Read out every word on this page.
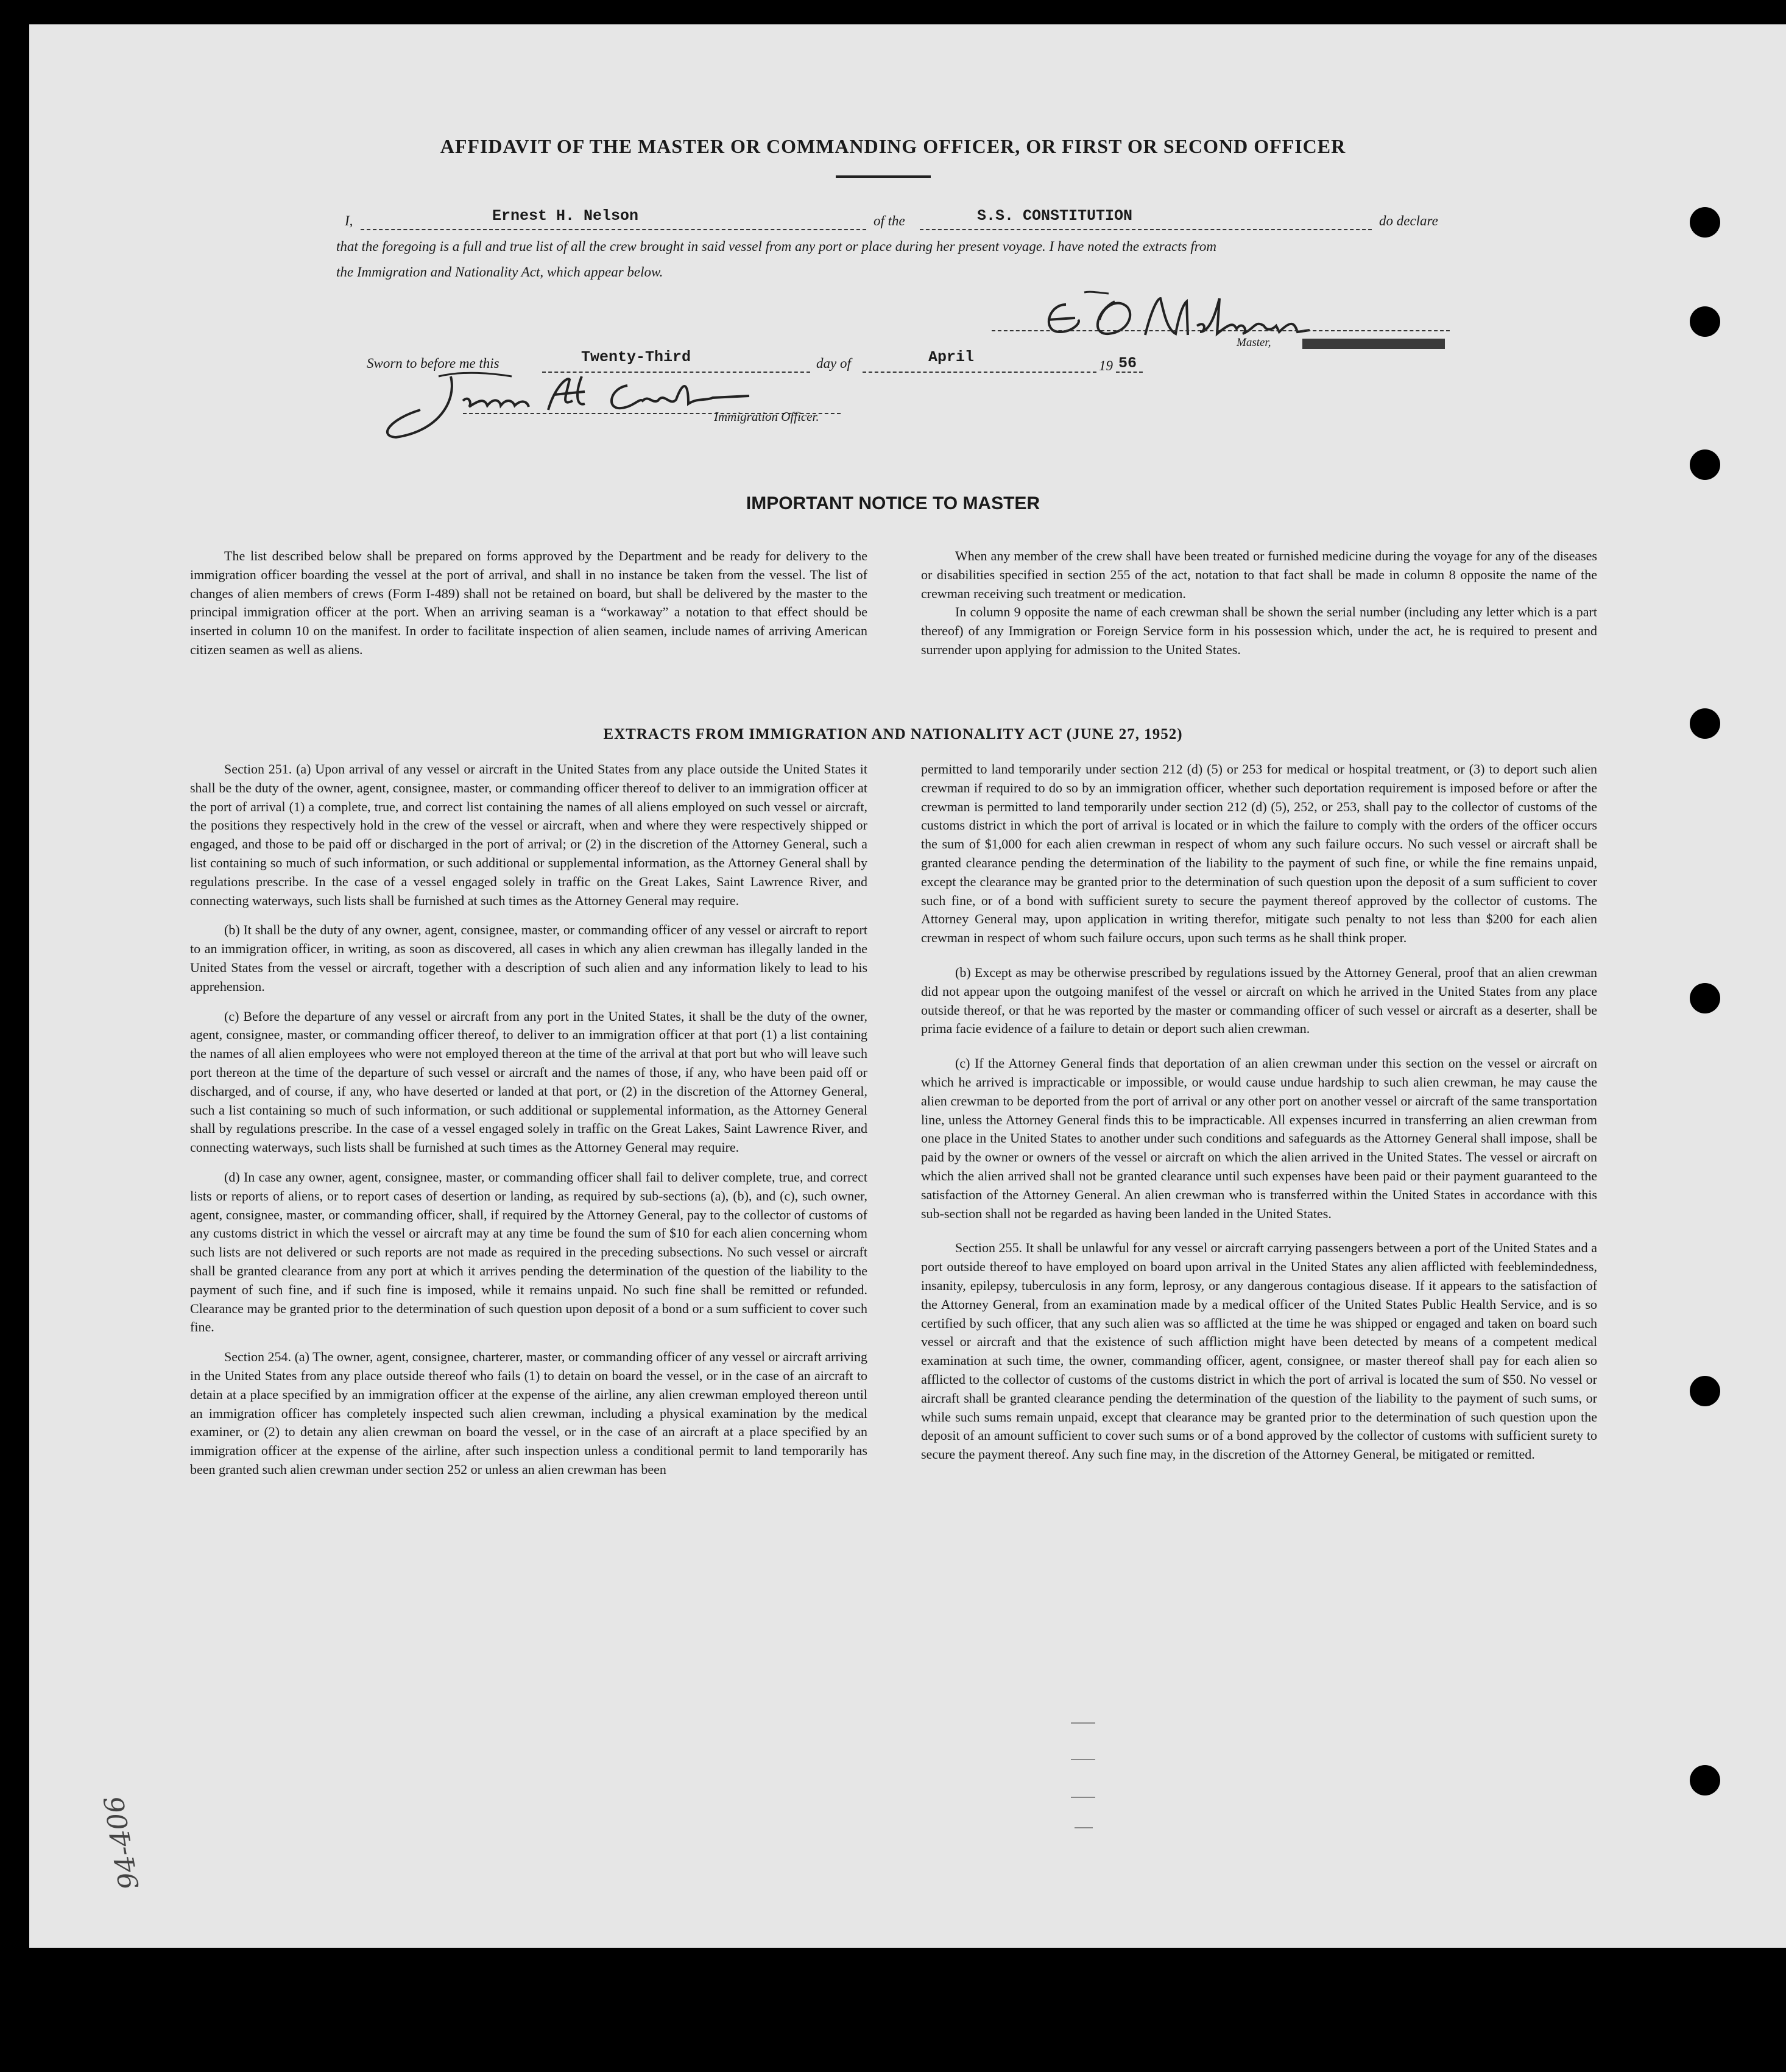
AFFIDAVIT OF THE MASTER OR COMMANDING OFFICER, OR FIRST OR SECOND OFFICER
I,	Ernest H. Nelson	of the	S.S. CONSTITUTION	do declare
that the foregoing is a full and true list of all the crew brought in said vessel from any port or place during her present voyage. I have noted the extracts from
the Immigration and Nationality Act, which appear below.
Master,
Sworn to before me this	Twenty-Third	day of	April	19 56
Immigration Officer.
IMPORTANT NOTICE TO MASTER

The list described below shall be prepared on forms approved by the Department and be ready for delivery to the immigration officer boarding the vessel at the port of arrival, and shall in no instance be taken from the vessel. The list of changes of alien members of crews (Form I-489) shall not be retained on board, but shall be delivered by the master to the principal immigration officer at the port. When an arriving seaman is a “workaway” a notation to that effect should be inserted in column 10 on the manifest. In order to facilitate inspection of alien seamen, include names of arriving American citizen seamen as well as aliens.

When any member of the crew shall have been treated or furnished medicine during the voyage for any of the diseases or disabilities specified in section 255 of the act, notation to that fact shall be made in column 8 opposite the name of the crewman receiving such treatment or medication.

In column 9 opposite the name of each crewman shall be shown the serial number (including any letter which is a part thereof) of any Immigration or Foreign Service form in his possession which, under the act, he is required to present and surrender upon applying for admission to the United States.

EXTRACTS FROM IMMIGRATION AND NATIONALITY ACT (JUNE 27, 1952)

Section 251. (a) Upon arrival of any vessel or aircraft in the United States from any place outside the United States it shall be the duty of the owner, agent, consignee, master, or commanding officer thereof to deliver to an immigration officer at the port of arrival (1) a complete, true, and correct list containing the names of all aliens employed on such vessel or aircraft, the positions they respectively hold in the crew of the vessel or aircraft, when and where they were respectively shipped or engaged, and those to be paid off or discharged in the port of arrival; or (2) in the discretion of the Attorney General, such a list containing so much of such information, or such additional or supplemental information, as the Attorney General shall by regulations prescribe. In the case of a vessel engaged solely in traffic on the Great Lakes, Saint Lawrence River, and connecting waterways, such lists shall be furnished at such times as the Attorney General may require.

(b) It shall be the duty of any owner, agent, consignee, master, or commanding officer of any vessel or aircraft to report to an immigration officer, in writing, as soon as discovered, all cases in which any alien crewman has illegally landed in the United States from the vessel or aircraft, together with a description of such alien and any information likely to lead to his apprehension.

(c) Before the departure of any vessel or aircraft from any port in the United States, it shall be the duty of the owner, agent, consignee, master, or commanding officer thereof, to deliver to an immigration officer at that port (1) a list containing the names of all alien employees who were not employed thereon at the time of the arrival at that port but who will leave such port thereon at the time of the departure of such vessel or aircraft and the names of those, if any, who have been paid off or discharged, and of course, if any, who have deserted or landed at that port, or (2) in the discretion of the Attorney General, such a list containing so much of such information, or such additional or supplemental information, as the Attorney General shall by regulations prescribe. In the case of a vessel engaged solely in traffic on the Great Lakes, Saint Lawrence River, and connecting waterways, such lists shall be furnished at such times as the Attorney General may require.

(d) In case any owner, agent, consignee, master, or commanding officer shall fail to deliver complete, true, and correct lists or reports of aliens, or to report cases of desertion or landing, as required by sub-sections (a), (b), and (c), such owner, agent, consignee, master, or commanding officer, shall, if required by the Attorney General, pay to the collector of customs of any customs district in which the vessel or aircraft may at any time be found the sum of $10 for each alien concerning whom such lists are not delivered or such reports are not made as required in the preceding subsections. No such vessel or aircraft shall be granted clearance from any port at which it arrives pending the determination of the question of the liability to the payment of such fine, and if such fine is imposed, while it remains unpaid. No such fine shall be remitted or refunded. Clearance may be granted prior to the determination of such question upon deposit of a bond or a sum sufficient to cover such fine.

Section 254. (a) The owner, agent, consignee, charterer, master, or commanding officer of any vessel or aircraft arriving in the United States from any place outside thereof who fails (1) to detain on board the vessel, or in the case of an aircraft to detain at a place specified by an immigration officer at the expense of the airline, any alien crewman employed thereon until an immigration officer has completely inspected such alien crewman, including a physical examination by the medical examiner, or (2) to detain any alien crewman on board the vessel, or in the case of an aircraft at a place specified by an immigration officer at the expense of the airline, after such inspection unless a conditional permit to land temporarily has been granted such alien crewman under section 252 or unless an alien crewman has been

permitted to land temporarily under section 212 (d) (5) or 253 for medical or hospital treatment, or (3) to deport such alien crewman if required to do so by an immigration officer, whether such deportation requirement is imposed before or after the crewman is permitted to land temporarily under section 212 (d) (5), 252, or 253, shall pay to the collector of customs of the customs district in which the port of arrival is located or in which the failure to comply with the orders of the officer occurs the sum of $1,000 for each alien crewman in respect of whom any such failure occurs. No such vessel or aircraft shall be granted clearance pending the determination of the liability to the payment of such fine, or while the fine remains unpaid, except the clearance may be granted prior to the determination of such question upon the deposit of a sum sufficient to cover such fine, or of a bond with sufficient surety to secure the payment thereof approved by the collector of customs. The Attorney General may, upon application in writing therefor, mitigate such penalty to not less than $200 for each alien crewman in respect of whom such failure occurs, upon such terms as he shall think proper.

(b) Except as may be otherwise prescribed by regulations issued by the Attorney General, proof that an alien crewman did not appear upon the outgoing manifest of the vessel or aircraft on which he arrived in the United States from any place outside thereof, or that he was reported by the master or commanding officer of such vessel or aircraft as a deserter, shall be prima facie evidence of a failure to detain or deport such alien crewman.

(c) If the Attorney General finds that deportation of an alien crewman under this section on the vessel or aircraft on which he arrived is impracticable or impossible, or would cause undue hardship to such alien crewman, he may cause the alien crewman to be deported from the port of arrival or any other port on another vessel or aircraft of the same transportation line, unless the Attorney General finds this to be impracticable. All expenses incurred in transferring an alien crewman from one place in the United States to another under such conditions and safeguards as the Attorney General shall impose, shall be paid by the owner or owners of the vessel or aircraft on which the alien arrived in the United States. The vessel or aircraft on which the alien arrived shall not be granted clearance until such expenses have been paid or their payment guaranteed to the satisfaction of the Attorney General. An alien crewman who is transferred within the United States in accordance with this sub-section shall not be regarded as having been landed in the United States.

Section 255. It shall be unlawful for any vessel or aircraft carrying passengers between a port of the United States and a port outside thereof to have employed on board upon arrival in the United States any alien afflicted with feeblemindedness, insanity, epilepsy, tuberculosis in any form, leprosy, or any dangerous contagious disease. If it appears to the satisfaction of the Attorney General, from an examination made by a medical officer of the United States Public Health Service, and is so certified by such officer, that any such alien was so afflicted at the time he was shipped or engaged and taken on board such vessel or aircraft and that the existence of such affliction might have been detected by means of a competent medical examination at such time, the owner, commanding officer, agent, consignee, or master thereof shall pay for each alien so afflicted to the collector of customs of the customs district in which the port of arrival is located the sum of $50. No vessel or aircraft shall be granted clearance pending the determination of the question of the liability to the payment of such sums, or while such sums remain unpaid, except that clearance may be granted prior to the determination of such question upon the deposit of an amount sufficient to cover such sums or of a bond approved by the collector of customs with sufficient surety to secure the payment thereof. Any such fine may, in the discretion of the Attorney General, be mitigated or remitted.

94-406
